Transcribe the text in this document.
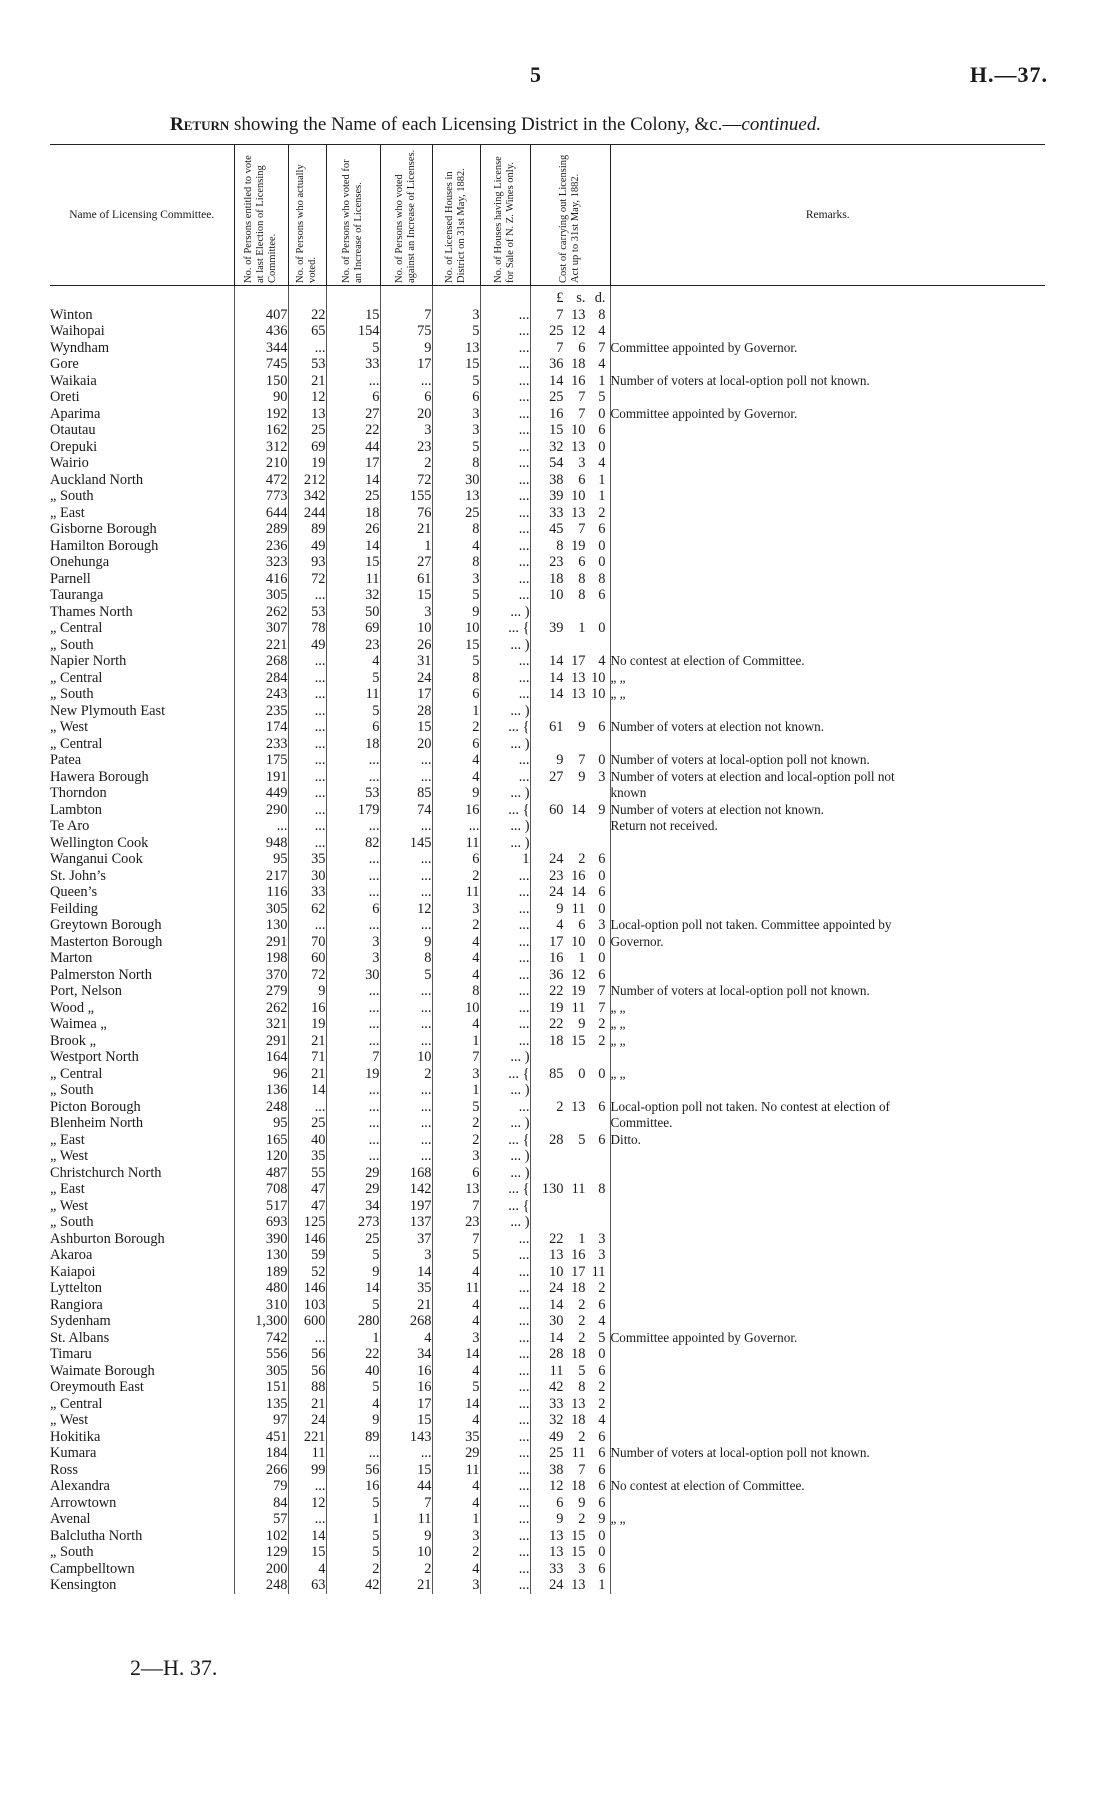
5	H.—37.
Return showing the Name of each Licensing District in the Colony, &c.—continued.
Name of Licensing Committee.	No. of Persons entitled to vote at last Election of Licensing Committee.	No. of Persons who actually voted.	No. of Persons who voted for an Increase of Licenses.	No. of Persons who voted against an Increase of Licenses.	No. of Licensed Houses in District on 31st May, 1882.	No. of Houses having License for Sale of N. Z. Wines only.	Cost of carrying out Licensing Act up to 31st May, 1882.	Remarks.

							£ s. d.	

Winton	407	22	15	7	3	...	7 13 8	

Waihopai	436	65	154	75	5	...	25 12 4	

Wyndham	344	...	5	9	13	...	7 6 7	Committee appointed by Governor.
Gore	745	53	33	17	15	...	36 18 4	

Waikaia	150	21	...	...	5	...	14 16 1	Number of voters at local-option poll not known.
Oreti	90	12	6	6	6	...	25 7 5	

Aparima	192	13	27	20	3	...	16 7 0	Committee appointed by Governor.
Otautau	162	25	22	3	3	...	15 10 6	

Orepuki	312	69	44	23	5	...	32 13 0	

Wairio	210	19	17	2	8	...	54 3 4	

Auckland North	472	212	14	72	30	...	38 6 1	

„ South	773	342	25	155	13	...	39 10 1	

„ East	644	244	18	76	25	...	33 13 2	

Gisborne Borough	289	89	26	21	8	...	45 7 6	

Hamilton Borough	236	49	14	1	4	...	8 19 0	

Onehunga	323	93	15	27	8	...	23 6 0	

Parnell	416	72	11	61	3	...	18 8 8	

Tauranga	305	...	32	15	5	...	10 8 6	

Thames North	262	53	50	3	9	... )	

„ Central	307	78	69	10	10	... {	39 1 0	

„ South	221	49	23	26	15	... )	

Napier North	268	...	4	31	5	...	14 17 4	No contest at election of Committee.
„ Central	284	...	5	24	8	...	14 13 10	„ „
„ South	243	...	11	17	6	...	14 13 10	„ „
New Plymouth East	235	...	5	28	1	... )	

„ West	174	...	6	15	2	... {	61 9 6	Number of voters at election not known.
„ Central	233	...	18	20	6	... )	

Patea	175	...	...	...	4	...	9 7 0	Number of voters at local-option poll not known.
Hawera Borough	191	...	...	...	4	...	27 9 3	Number of voters at election and local-option poll not
Thorndon	449	...	53	85	9	... )		known
Lambton	290	...	179	74	16	... {	60 14 9	Number of voters at election not known.
Te Aro	...	...	...	...	...	... )		Return not received.
Wellington Cook	948	...	82	145	11	... )	

Wanganui Cook	95	35	...	...	6	1	24 2 6	

St. John’s	217	30	...	...	2	...	23 16 0	

Queen’s	116	33	...	...	11	...	24 14 6	

Feilding	305	62	6	12	3	...	9 11 0	

Greytown Borough	130	...	...	...	2	...	4 6 3	Local-option poll not taken. Committee appointed by
Masterton Borough	291	70	3	9	4	...	17 10 0	Governor.
Marton	198	60	3	8	4	...	16 1 0	

Palmerston North	370	72	30	5	4	...	36 12 6	

Port, Nelson	279	9	...	...	8	...	22 19 7	Number of voters at local-option poll not known.
Wood „	262	16	...	...	10	...	19 11 7	„ „
Waimea „	321	19	...	...	4	...	22 9 2	„ „
Brook „	291	21	...	...	1	...	18 15 2	„ „
Westport North	164	71	7	10	7	... )	

„ Central	96	21	19	2	3	... {	85 0 0	„ „
„ South	136	14	...	...	1	... )	

Picton Borough	248	...	...	...	5	...	2 13 6	Local-option poll not taken. No contest at election of
Blenheim North	95	25	...	...	2	... )		Committee.
„ East	165	40	...	...	2	... {	28 5 6	Ditto.
„ West	120	35	...	...	3	... )	

Christchurch North	487	55	29	168	6	... )	

„ East	708	47	29	142	13	... {	130 11 8	

„ West	517	47	34	197	7	... {	

„ South	693	125	273	137	23	... )	

Ashburton Borough	390	146	25	37	7	...	22 1 3	

Akaroa	130	59	5	3	5	...	13 16 3	

Kaiapoi	189	52	9	14	4	...	10 17 11	

Lyttelton	480	146	14	35	11	...	24 18 2	

Rangiora	310	103	5	21	4	...	14 2 6	

Sydenham	1,300	600	280	268	4	...	30 2 4	

St. Albans	742	...	1	4	3	...	14 2 5	Committee appointed by Governor.
Timaru	556	56	22	34	14	...	28 18 0	

Waimate Borough	305	56	40	16	4	...	11 5 6	

Oreymouth East	151	88	5	16	5	...	42 8 2	

„ Central	135	21	4	17	14	...	33 13 2	

„ West	97	24	9	15	4	...	32 18 4	

Hokitika	451	221	89	143	35	...	49 2 6	

Kumara	184	11	...	...	29	...	25 11 6	Number of voters at local-option poll not known.
Ross	266	99	56	15	11	...	38 7 6	

Alexandra	79	...	16	44	4	...	12 18 6	No contest at election of Committee.
Arrowtown	84	12	5	7	4	...	6 9 6	

Avenal	57	...	1	11	1	...	9 2 9	„ „
Balclutha North	102	14	5	9	3	...	13 15 0	

„ South	129	15	5	10	2	...	13 15 0	

Campbelltown	200	4	2	2	4	...	33 3 6	

Kensington	248	63	42	21	3	...	24 13 1	

2—H. 37.
